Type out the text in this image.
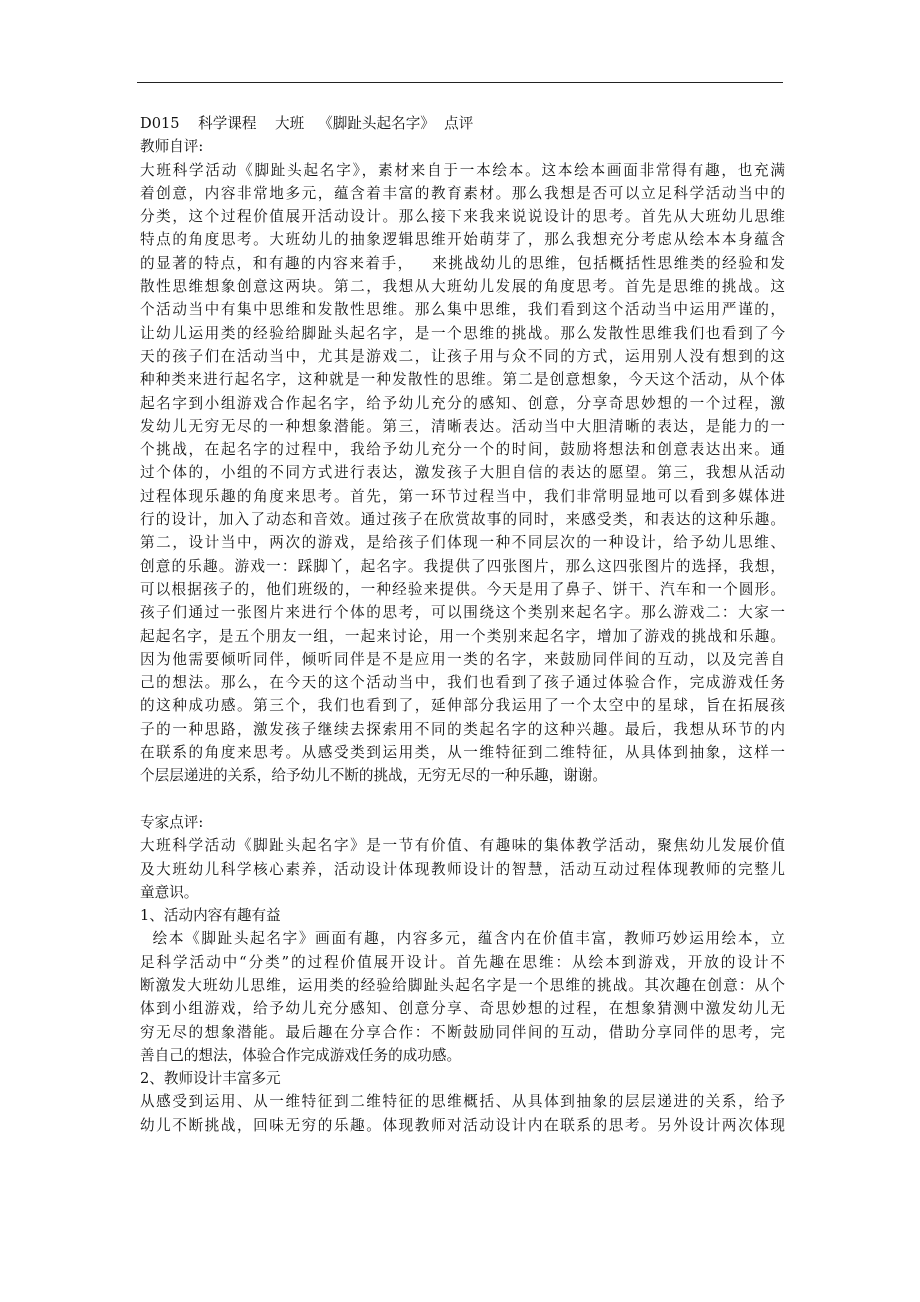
D015    科学课程    大班   《脚趾头起名字》  点评
教师自评:
大班科学活动《脚趾头起名字》，素材来自于一本绘本。这本绘本画面非常得有趣，也充满
着创意，内容非常地多元，蕴含着丰富的教育素材。那么我想是否可以立足科学活动当中的
分类，这个过程价值展开活动设计。那么接下来我来说说设计的思考。首先从大班幼儿思维
特点的角度思考。大班幼儿的抽象逻辑思维开始萌芽了，那么我想充分考虑从绘本本身蕴含
的显著的特点，和有趣的内容来着手，   来挑战幼儿的思维，包括概括性思维类的经验和发
散性思维想象创意这两块。第二，我想从大班幼儿发展的角度思考。首先是思维的挑战。这
个活动当中有集中思维和发散性思维。那么集中思维，我们看到这个活动当中运用严谨的，
让幼儿运用类的经验给脚趾头起名字，是一个思维的挑战。那么发散性思维我们也看到了今
天的孩子们在活动当中，尤其是游戏二，让孩子用与众不同的方式，运用别人没有想到的这
种种类来进行起名字，这种就是一种发散性的思维。第二是创意想象，今天这个活动，从个体
起名字到小组游戏合作起名字，给予幼儿充分的感知、创意，分享奇思妙想的一个过程，激
发幼儿无穷无尽的一种想象潜能。第三，清晰表达。活动当中大胆清晰的表达，是能力的一
个挑战，在起名字的过程中，我给予幼儿充分一个的时间，鼓励将想法和创意表达出来。通
过个体的，小组的不同方式进行表达，激发孩子大胆自信的表达的愿望。第三，我想从活动
过程体现乐趣的角度来思考。首先，第一环节过程当中，我们非常明显地可以看到多媒体进
行的设计，加入了动态和音效。通过孩子在欣赏故事的同时，来感受类，和表达的这种乐趣。
第二，设计当中，两次的游戏，是给孩子们体现一种不同层次的一种设计，给予幼儿思维、
创意的乐趣。游戏一：踩脚丫，起名字。我提供了四张图片，那么这四张图片的选择，我想，
可以根据孩子的，他们班级的，一种经验来提供。今天是用了鼻子、饼干、汽车和一个圆形。
孩子们通过一张图片来进行个体的思考，可以围绕这个类别来起名字。那么游戏二：大家一
起起名字，是五个朋友一组，一起来讨论，用一个类别来起名字，增加了游戏的挑战和乐趣。
因为他需要倾听同伴，倾听同伴是不是应用一类的名字，来鼓励同伴间的互动，以及完善自
己的想法。那么，在今天的这个活动当中，我们也看到了孩子通过体验合作，完成游戏任务
的这种成功感。第三个，我们也看到了，延伸部分我运用了一个太空中的星球，旨在拓展孩
子的一种思路，激发孩子继续去探索用不同的类起名字的这种兴趣。最后，我想从环节的内
在联系的角度来思考。从感受类到运用类，从一维特征到二维特征，从具体到抽象，这样一
个层层递进的关系，给予幼儿不断的挑战，无穷无尽的一种乐趣，谢谢。
专家点评:
大班科学活动《脚趾头起名字》是一节有价值、有趣味的集体教学活动，聚焦幼儿发展价值
及大班幼儿科学核心素养，活动设计体现教师设计的智慧，活动互动过程体现教师的完整儿
童意识。
1、活动内容有趣有益
绘本《脚趾头起名字》画面有趣，内容多元，蕴含内在价值丰富，教师巧妙运用绘本，立
足科学活动中“分类”的过程价值展开设计。首先趣在思维：从绘本到游戏，开放的设计不
断激发大班幼儿思维，运用类的经验给脚趾头起名字是一个思维的挑战。其次趣在创意：从个
体到小组游戏，给予幼儿充分感知、创意分享、奇思妙想的过程，在想象猜测中激发幼儿无
穷无尽的想象潜能。最后趣在分享合作：不断鼓励同伴间的互动，借助分享同伴的思考，完
善自己的想法，体验合作完成游戏任务的成功感。
2、教师设计丰富多元
从感受到运用、从一维特征到二维特征的思维概括、从具体到抽象的层层递进的关系，给予
幼儿不断挑战，回味无穷的乐趣。体现教师对活动设计内在联系的思考。另外设计两次体现
